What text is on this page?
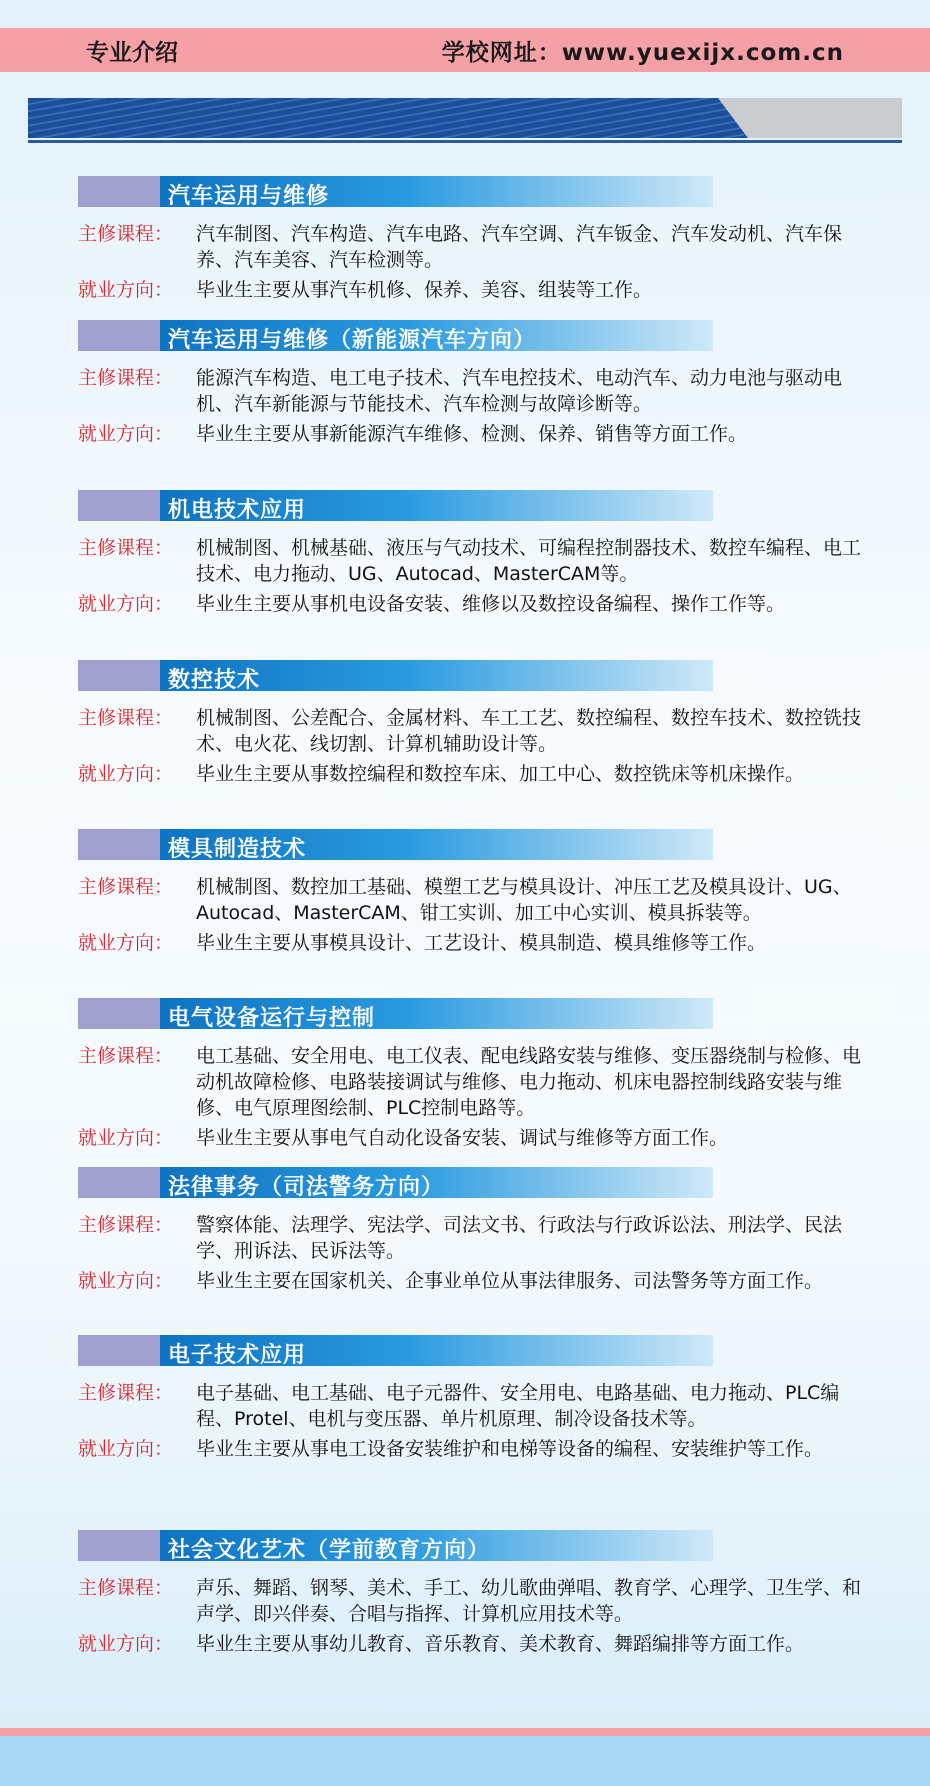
专业介绍	学校网址：www.yuexijx.com.cn
汽车运用与维修
主修课程： 汽车制图、汽车构造、汽车电路、汽车空调、汽车钣金、汽车发动机、汽车保养、汽车美容、汽车检测等。
就业方向： 毕业生主要从事汽车机修、保养、美容、组装等工作。
汽车运用与维修（新能源汽车方向）
主修课程： 能源汽车构造、电工电子技术、汽车电控技术、电动汽车、动力电池与驱动电机、汽车新能源与节能技术、汽车检测与故障诊断等。
就业方向： 毕业生主要从事新能源汽车维修、检测、保养、销售等方面工作。
机电技术应用
主修课程： 机械制图、机械基础、液压与气动技术、可编程控制器技术、数控车编程、电工技术、电力拖动、UG、Autocad、MasterCAM等。
就业方向： 毕业生主要从事机电设备安装、维修以及数控设备编程、操作工作等。
数控技术
主修课程： 机械制图、公差配合、金属材料、车工工艺、数控编程、数控车技术、数控铣技术、电火花、线切割、计算机辅助设计等。
就业方向： 毕业生主要从事数控编程和数控车床、加工中心、数控铣床等机床操作。
模具制造技术
主修课程： 机械制图、数控加工基础、模塑工艺与模具设计、冲压工艺及模具设计、UG、Autocad、MasterCAM、钳工实训、加工中心实训、模具拆装等。
就业方向： 毕业生主要从事模具设计、工艺设计、模具制造、模具维修等工作。
电气设备运行与控制
主修课程： 电工基础、安全用电、电工仪表、配电线路安装与维修、变压器绕制与检修、电动机故障检修、电路装接调试与维修、电力拖动、机床电器控制线路安装与维修、电气原理图绘制、PLC控制电路等。
就业方向： 毕业生主要从事电气自动化设备安装、调试与维修等方面工作。
法律事务（司法警务方向）
主修课程： 警察体能、法理学、宪法学、司法文书、行政法与行政诉讼法、刑法学、民法学、刑诉法、民诉法等。
就业方向： 毕业生主要在国家机关、企事业单位从事法律服务、司法警务等方面工作。
电子技术应用
主修课程： 电子基础、电工基础、电子元器件、安全用电、电路基础、电力拖动、PLC编程、Protel、电机与变压器、单片机原理、制冷设备技术等。
就业方向： 毕业生主要从事电工设备安装维护和电梯等设备的编程、安装维护等工作。
社会文化艺术（学前教育方向）
主修课程： 声乐、舞蹈、钢琴、美术、手工、幼儿歌曲弹唱、教育学、心理学、卫生学、和声学、即兴伴奏、合唱与指挥、计算机应用技术等。
就业方向： 毕业生主要从事幼儿教育、音乐教育、美术教育、舞蹈编排等方面工作。
